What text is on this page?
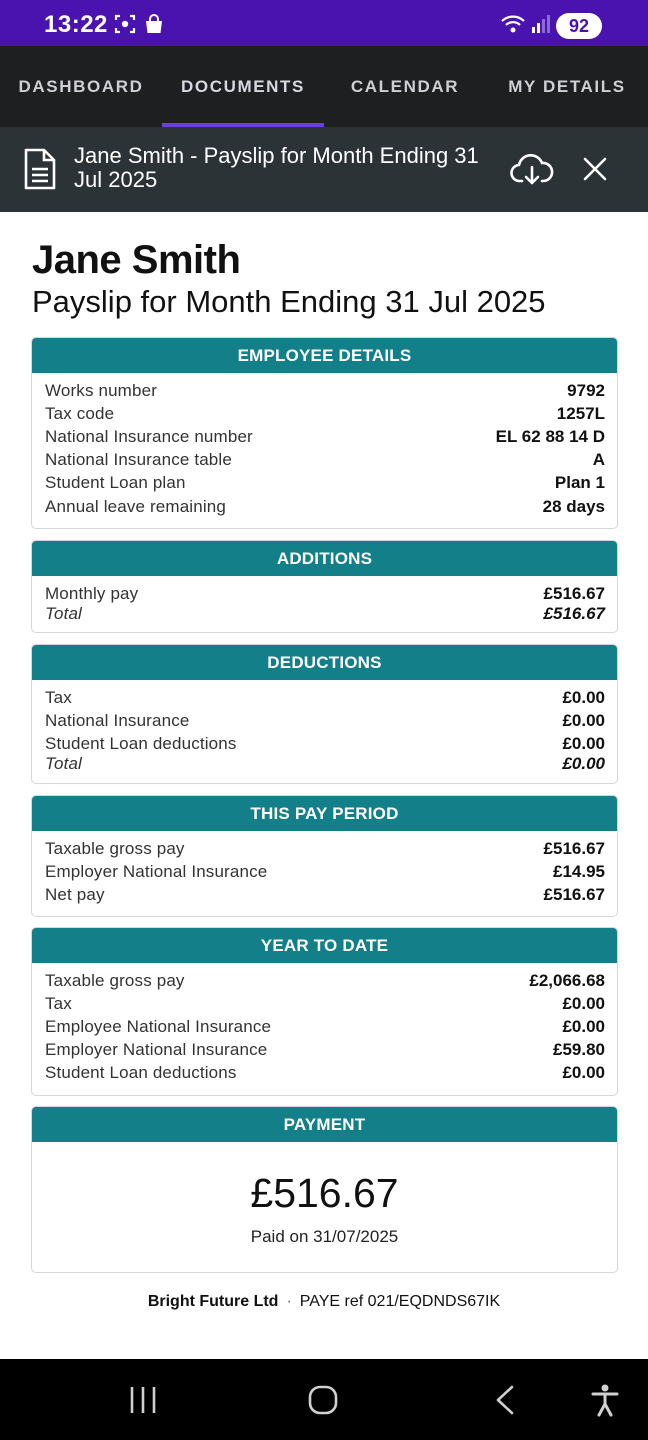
13:22	92
DASHBOARD DOCUMENTS	CALENDAR	MY DETAILS
Jane Smith - Payslip for Month Ending 31 Jul 2025
Jane Smith
Payslip for Month Ending 31 Jul 2025
EMPLOYEE DETAILS
Works number	9792
Tax code	1257L
National Insurance number	EL 62 88 14 D
National Insurance table	A
Student Loan plan	Plan 1
Annual leave remaining	28 days
ADDITIONS
Monthly pay	£516.67
Total	£516.67
DEDUCTIONS
Tax	£0.00
National Insurance	£0.00
Student Loan deductions	£0.00
Total	£0.00
THIS PAY PERIOD
Taxable gross pay	£516.67
Employer National Insurance	£14.95
Net pay	£516.67
YEAR TO DATE
Taxable gross pay	£2,066.68
Tax	£0.00
Employee National Insurance	£0.00
Employer National Insurance	£59.80
Student Loan deductions	£0.00
PAYMENT
£516.67
Paid on 31/07/2025
Bright Future Ltd · PAYE ref 021/EQDNDS67IK
